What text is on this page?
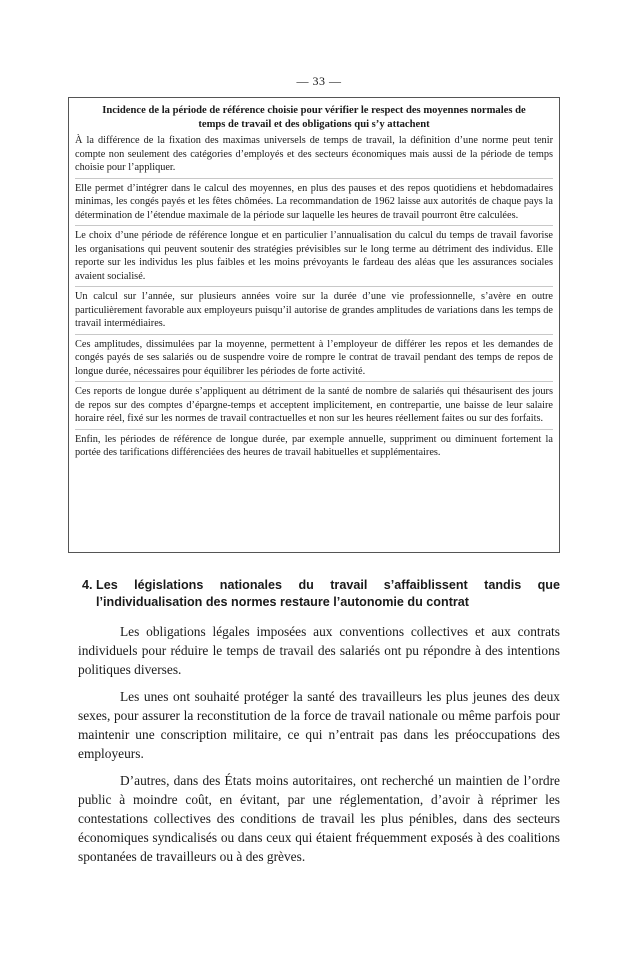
— 33 —
Incidence de la période de référence choisie pour vérifier le respect des moyennes normales de temps de travail et des obligations qui s’y attachent

À la différence de la fixation des maximas universels de temps de travail, la définition d’une norme peut tenir compte non seulement des catégories d’employés et des secteurs économiques mais aussi de la période de temps choisie pour l’appliquer.

Elle permet d’intégrer dans le calcul des moyennes, en plus des pauses et des repos quotidiens et hebdomadaires minimas, les congés payés et les fêtes chômées. La recommandation de 1962 laisse aux autorités de chaque pays la détermination de l’étendue maximale de la période sur laquelle les heures de travail pourront être calculées.

Le choix d’une période de référence longue et en particulier l’annualisation du calcul du temps de travail favorise les organisations qui peuvent soutenir des stratégies prévisibles sur le long terme au détriment des individus. Elle reporte sur les individus les plus faibles et les moins prévoyants le fardeau des aléas que les assurances sociales avaient socialisé.

Un calcul sur l’année, sur plusieurs années voire sur la durée d’une vie professionnelle, s’avère en outre particulièrement favorable aux employeurs puisqu’il autorise de grandes amplitudes de variations dans les temps de travail intermédiaires.

Ces amplitudes, dissimulées par la moyenne, permettent à l’employeur de différer les repos et les demandes de congés payés de ses salariés ou de suspendre voire de rompre le contrat de travail pendant des temps de repos de longue durée, nécessaires pour équilibrer les périodes de forte activité.

Ces reports de longue durée s’appliquent au détriment de la santé de nombre de salariés qui thésaurisent des jours de repos sur des comptes d’épargne-temps et acceptent implicitement, en contrepartie, une baisse de leur salaire horaire réel, fixé sur les normes de travail contractuelles et non sur les heures réellement faites ou sur des forfaits.

Enfin, les périodes de référence de longue durée, par exemple annuelle, suppriment ou diminuent fortement la portée des tarifications différenciées des heures de travail habituelles et supplémentaires.

4. Les législations nationales du travail s’affaiblissent tandis que
l’individualisation des normes restaure l’autonomie du contrat

Les obligations légales imposées aux conventions collectives et aux contrats individuels pour réduire le temps de travail des salariés ont pu répondre à des intentions politiques diverses.

Les unes ont souhaité protéger la santé des travailleurs les plus jeunes des deux sexes, pour assurer la reconstitution de la force de travail nationale ou même parfois pour maintenir une conscription militaire, ce qui n’entrait pas dans les préoccupations des employeurs.

D’autres, dans des États moins autoritaires, ont recherché un maintien de l’ordre public à moindre coût, en évitant, par une réglementation, d’avoir à réprimer les contestations collectives des conditions de travail les plus pénibles, dans des secteurs économiques syndicalisés ou dans ceux qui étaient fréquemment exposés à des coalitions spontanées de travailleurs ou à des grèves.
